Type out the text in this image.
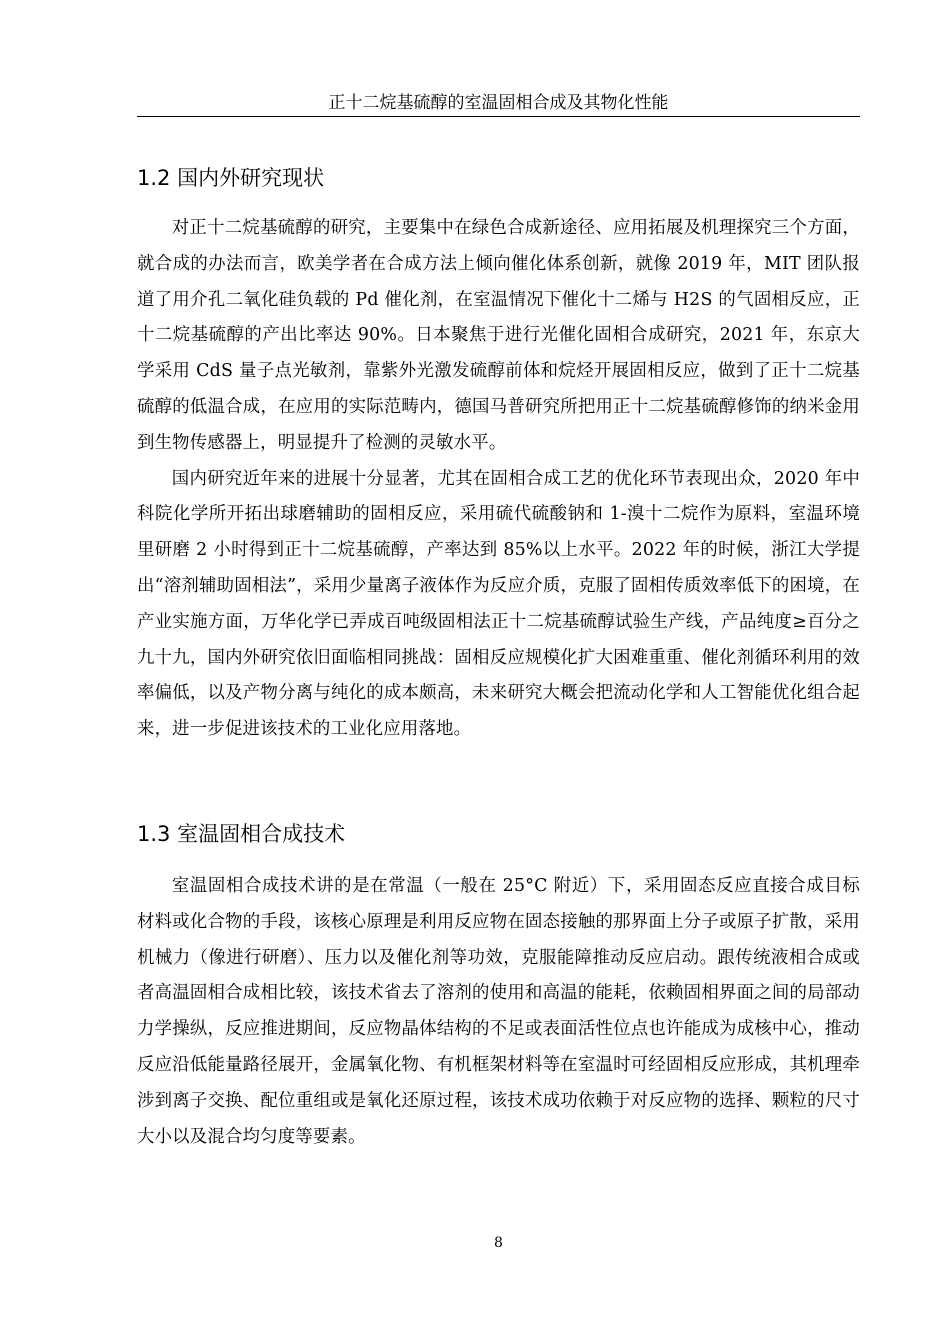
正十二烷基硫醇的室温固相合成及其物化性能
1.2 国内外研究现状

对正十二烷基硫醇的研究，主要集中在绿色合成新途径、应用拓展及机理探究三个方面，就合成的办法而言，欧美学者在合成方法上倾向催化体系创新，就像 2019 年，MIT 团队报道了用介孔二氧化硅负载的 Pd 催化剂，在室温情况下催化十二烯与 H2S 的气固相反应，正十二烷基硫醇的产出比率达 90%。日本聚焦于进行光催化固相合成研究，2021 年，东京大学采用 CdS 量子点光敏剂，靠紫外光激发硫醇前体和烷烃开展固相反应，做到了正十二烷基硫醇的低温合成，在应用的实际范畴内，德国马普研究所把用正十二烷基硫醇修饰的纳米金用到生物传感器上，明显提升了检测的灵敏水平。

国内研究近年来的进展十分显著，尤其在固相合成工艺的优化环节表现出众，2020 年中科院化学所开拓出球磨辅助的固相反应，采用硫代硫酸钠和 1-溴十二烷作为原料，室温环境里研磨 2 小时得到正十二烷基硫醇，产率达到 85%以上水平。2022 年的时候，浙江大学提出“溶剂辅助固相法”，采用少量离子液体作为反应介质，克服了固相传质效率低下的困境，在产业实施方面，万华化学已弄成百吨级固相法正十二烷基硫醇试验生产线，产品纯度≥百分之九十九，国内外研究依旧面临相同挑战：固相反应规模化扩大困难重重、催化剂循环利用的效率偏低，以及产物分离与纯化的成本颇高，未来研究大概会把流动化学和人工智能优化组合起来，进一步促进该技术的工业化应用落地。

1.3 室温固相合成技术

室温固相合成技术讲的是在常温（一般在 25°C 附近）下，采用固态反应直接合成目标材料或化合物的手段，该核心原理是利用反应物在固态接触的那界面上分子或原子扩散，采用机械力（像进行研磨）、压力以及催化剂等功效，克服能障推动反应启动。跟传统液相合成或者高温固相合成相比较，该技术省去了溶剂的使用和高温的能耗，依赖固相界面之间的局部动力学操纵，反应推进期间，反应物晶体结构的不足或表面活性位点也许能成为成核中心，推动反应沿低能量路径展开，金属氧化物、有机框架材料等在室温时可经固相反应形成，其机理牵涉到离子交换、配位重组或是氧化还原过程，该技术成功依赖于对反应物的选择、颗粒的尺寸大小以及混合均匀度等要素。

8
